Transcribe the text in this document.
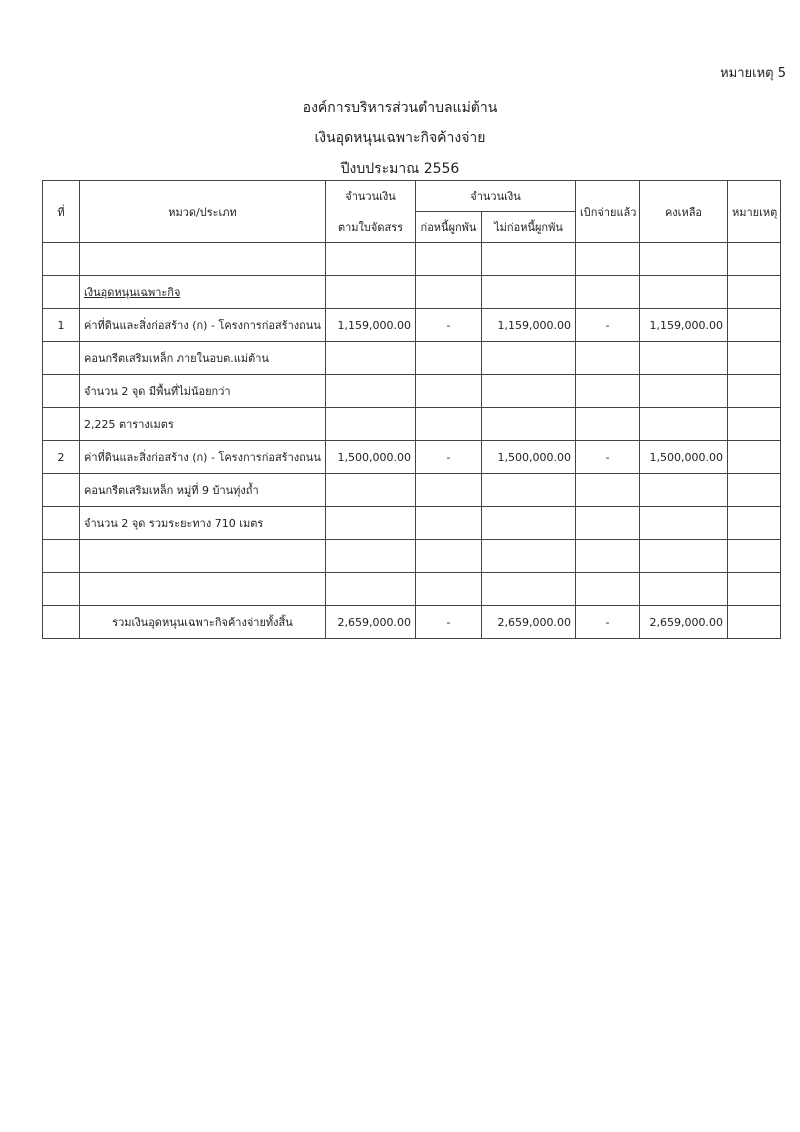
หมายเหตุ 5
องค์การบริหารส่วนตำบลแม่ต้าน
เงินอุดหนุนเฉพาะกิจค้างจ่าย
ปีงบประมาณ 2556
ที่	หมวด/ประเภท	จำนวนเงิน	จำนวนเงิน		เบิกจ่ายแล้ว	คงเหลือ	หมายเหตุ
		ตามใบจัดสรร	ก่อหนี้ผูกพัน	ไม่ก่อหนี้ผูกพัน			

	เงินอุดหนุนเฉพาะกิจ						
1	ค่าที่ดินและสิ่งก่อสร้าง (ก) - โครงการก่อสร้างถนน	1,159,000.00	-	1,159,000.00	-	1,159,000.00	
	คอนกรีตเสริมเหล็ก ภายในอบต.แม่ต้าน						
	จำนวน 2 จุด มีพื้นที่ไม่น้อยกว่า						
	2,225 ตารางเมตร						
2	ค่าที่ดินและสิ่งก่อสร้าง (ก) - โครงการก่อสร้างถนน	1,500,000.00	-	1,500,000.00	-	1,500,000.00	
	คอนกรีตเสริมเหล็ก หมู่ที่ 9 บ้านทุ่งถ้ำ						
	จำนวน 2 จุด รวมระยะทาง 710 เมตร						

	รวมเงินอุดหนุนเฉพาะกิจค้างจ่ายทั้งสิ้น	2,659,000.00	-	2,659,000.00	-	2,659,000.00	
